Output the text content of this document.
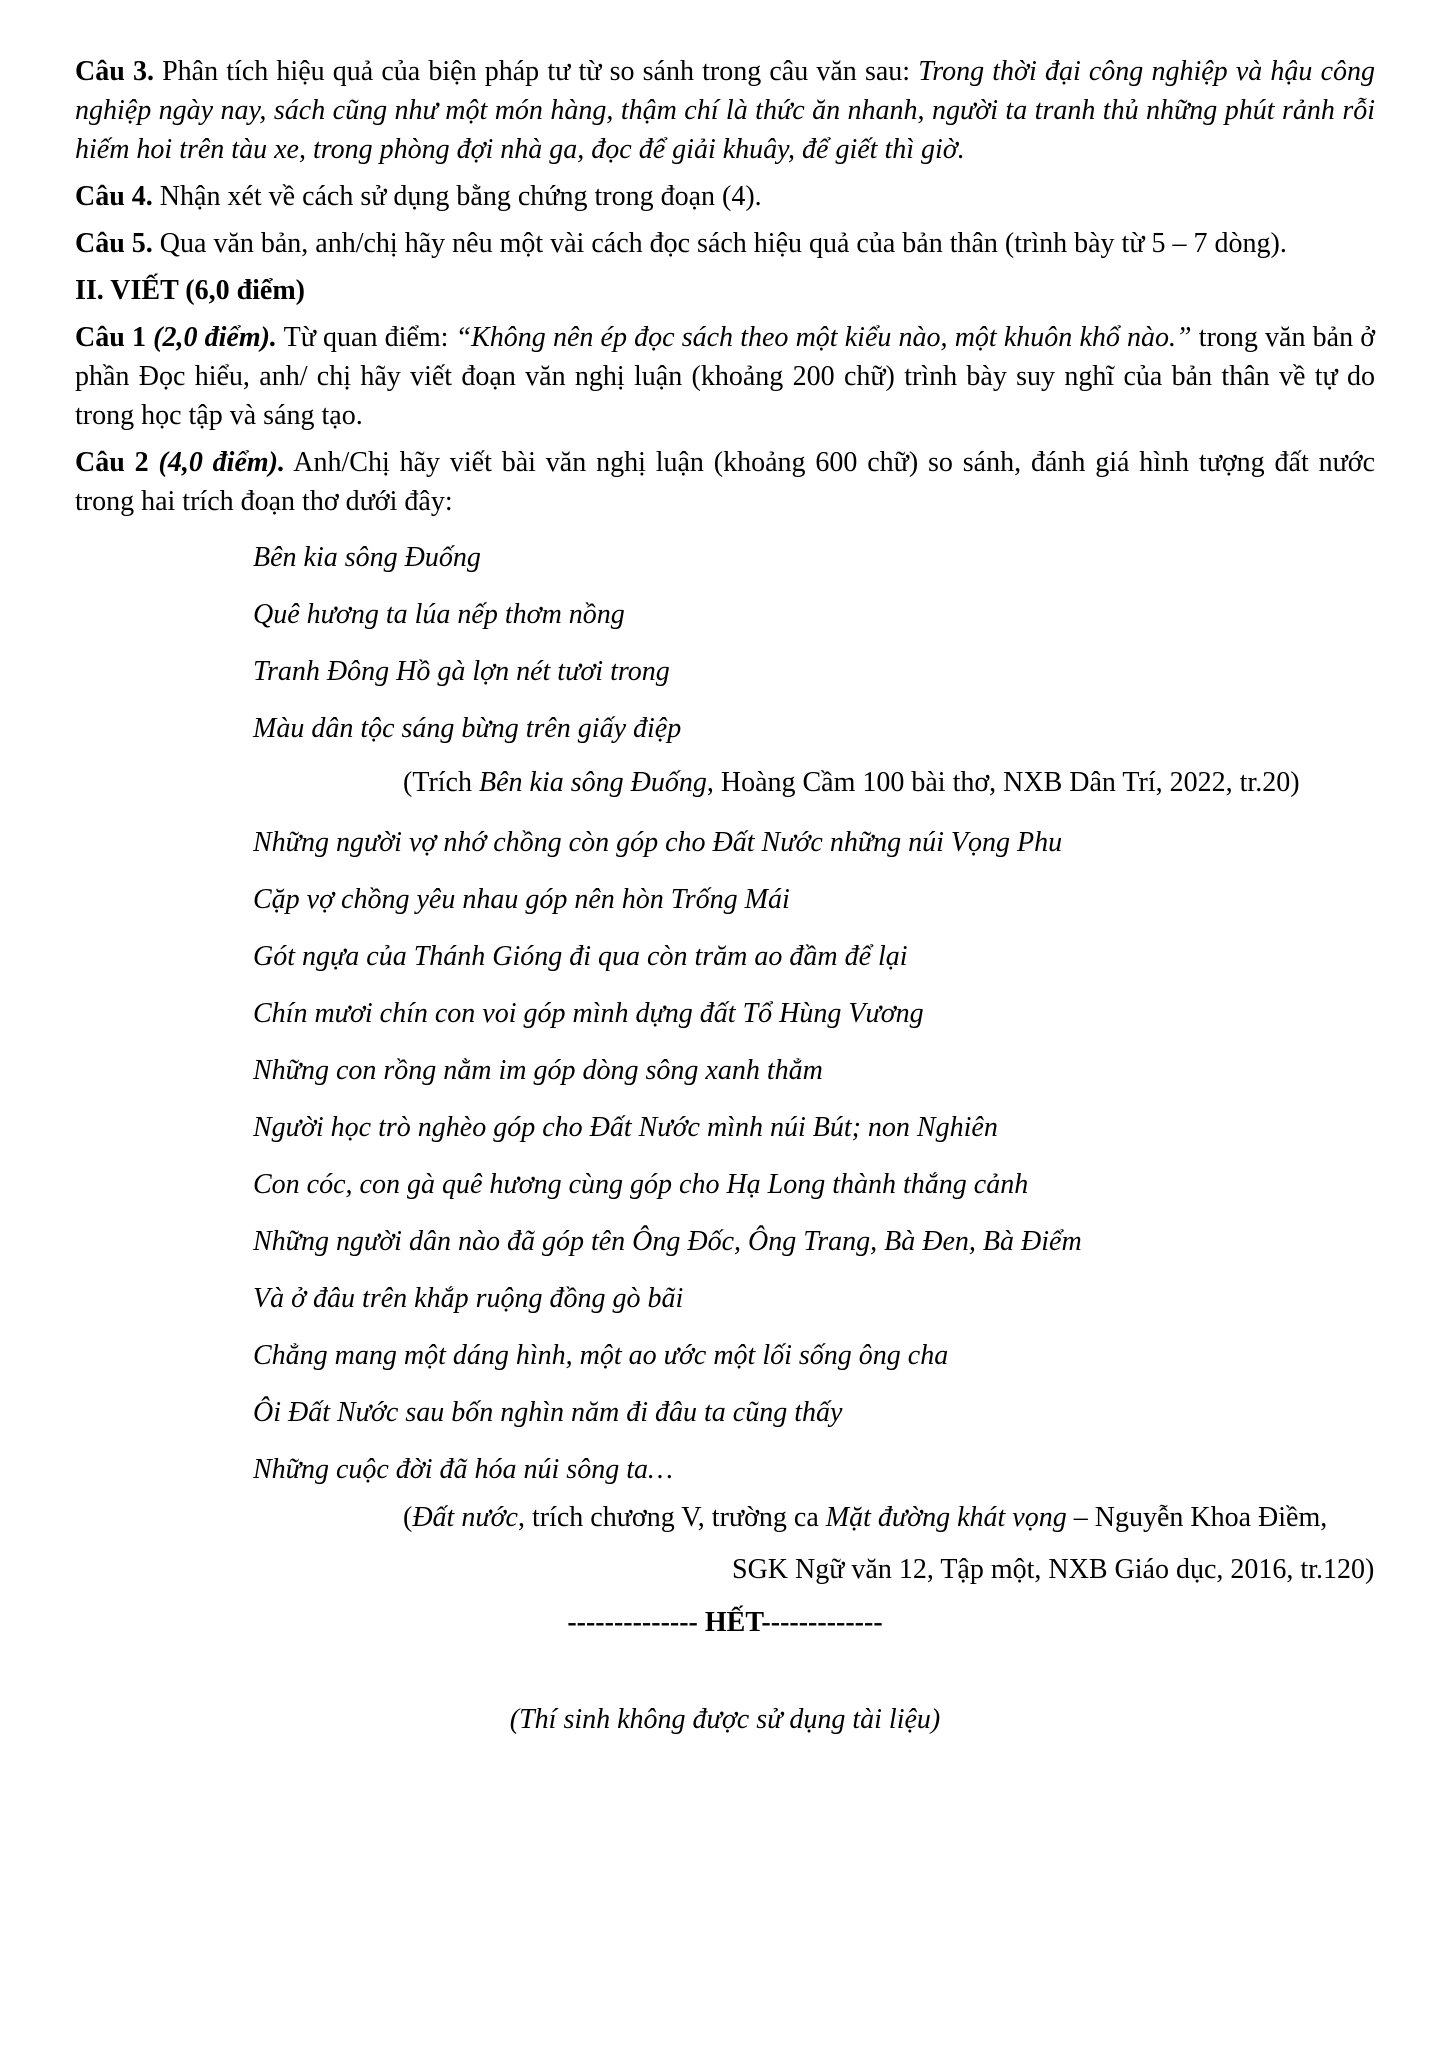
Câu 3. Phân tích hiệu quả của biện pháp tư từ so sánh trong câu văn sau: Trong thời đại công nghiệp và hậu công nghiệp ngày nay, sách cũng như một món hàng, thậm chí là thức ăn nhanh, người ta tranh thủ những phút rảnh rỗi hiếm hoi trên tàu xe, trong phòng đợi nhà ga, đọc để giải khuây, để giết thì giờ.

Câu 4. Nhận xét về cách sử dụng bằng chứng trong đoạn (4).

Câu 5. Qua văn bản, anh/chị hãy nêu một vài cách đọc sách hiệu quả của bản thân (trình bày từ 5 – 7 dòng).

II. VIẾT (6,0 điểm)

Câu 1 (2,0 điểm). Từ quan điểm: “Không nên ép đọc sách theo một kiểu nào, một khuôn khổ nào.” trong văn bản ở phần Đọc hiểu, anh/ chị hãy viết đoạn văn nghị luận (khoảng 200 chữ) trình bày suy nghĩ của bản thân về tự do trong học tập và sáng tạo.

Câu 2 (4,0 điểm). Anh/Chị hãy viết bài văn nghị luận (khoảng 600 chữ) so sánh, đánh giá hình tượng đất nước trong hai trích đoạn thơ dưới đây:

Bên kia sông Đuống
Quê hương ta lúa nếp thơm nồng
Tranh Đông Hồ gà lợn nét tươi trong
Màu dân tộc sáng bừng trên giấy điệp
(Trích Bên kia sông Đuống, Hoàng Cầm 100 bài thơ, NXB Dân Trí, 2022, tr.20)
Những người vợ nhớ chồng còn góp cho Đất Nước những núi Vọng Phu
Cặp vợ chồng yêu nhau góp nên hòn Trống Mái
Gót ngựa của Thánh Gióng đi qua còn trăm ao đầm để lại
Chín mươi chín con voi góp mình dựng đất Tổ Hùng Vương
Những con rồng nằm im góp dòng sông xanh thẳm
Người học trò nghèo góp cho Đất Nước mình núi Bút; non Nghiên
Con cóc, con gà quê hương cùng góp cho Hạ Long thành thắng cảnh
Những người dân nào đã góp tên Ông Đốc, Ông Trang, Bà Đen, Bà Điểm
Và ở đâu trên khắp ruộng đồng gò bãi
Chẳng mang một dáng hình, một ao ước một lối sống ông cha
Ôi Đất Nước sau bốn nghìn năm đi đâu ta cũng thấy
Những cuộc đời đã hóa núi sông ta…
(Đất nước, trích chương V, trường ca Mặt đường khát vọng – Nguyễn Khoa Điềm,
SGK Ngữ văn 12, Tập một, NXB Giáo dục, 2016, tr.120)
-------------- HẾT-------------
(Thí sinh không được sử dụng tài liệu)
